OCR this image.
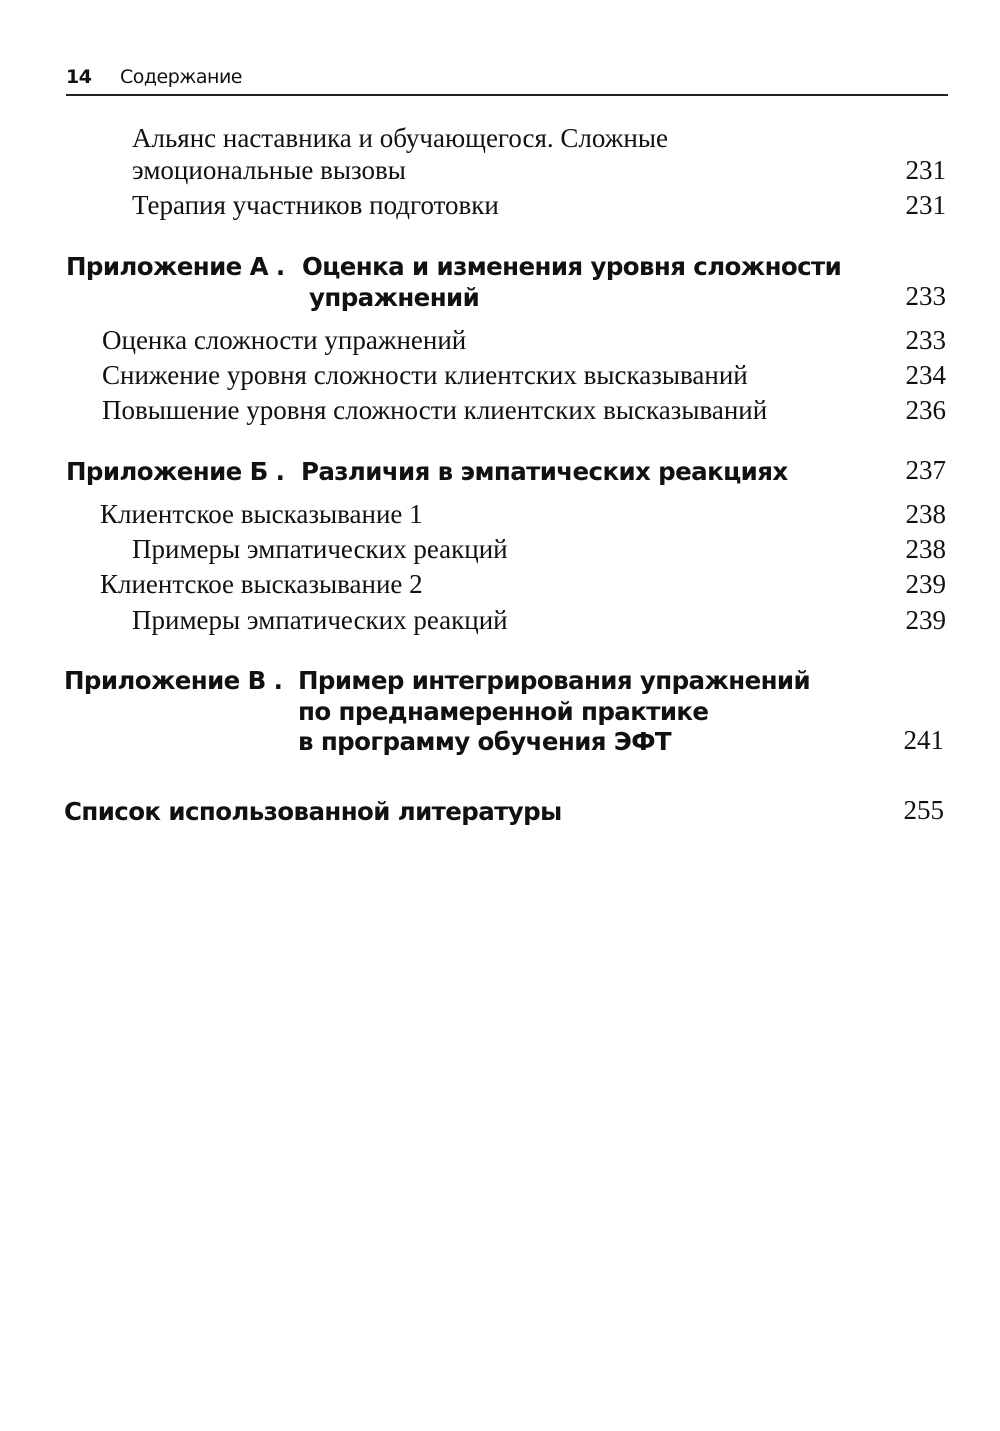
14 Содержание
Альянс наставника и обучающегося. Сложные
эмоциональные вызовы	231
Терапия участников подготовки	231
Приложение А . Оценка и изменения уровня сложности
упражнений	233
Оценка сложности упражнений	233
Снижение уровня сложности клиентских высказываний	234
Повышение уровня сложности клиентских высказываний	236
Приложение Б . Различия в эмпатических реакциях	237
Клиентское высказывание 1	238
Примеры эмпатических реакций	238
Клиентское высказывание 2	239
Примеры эмпатических реакций	239
Приложение В . Пример интегрирования упражнений
по преднамеренной практике
в программу обучения ЭФТ	241
Список использованной литературы	255
